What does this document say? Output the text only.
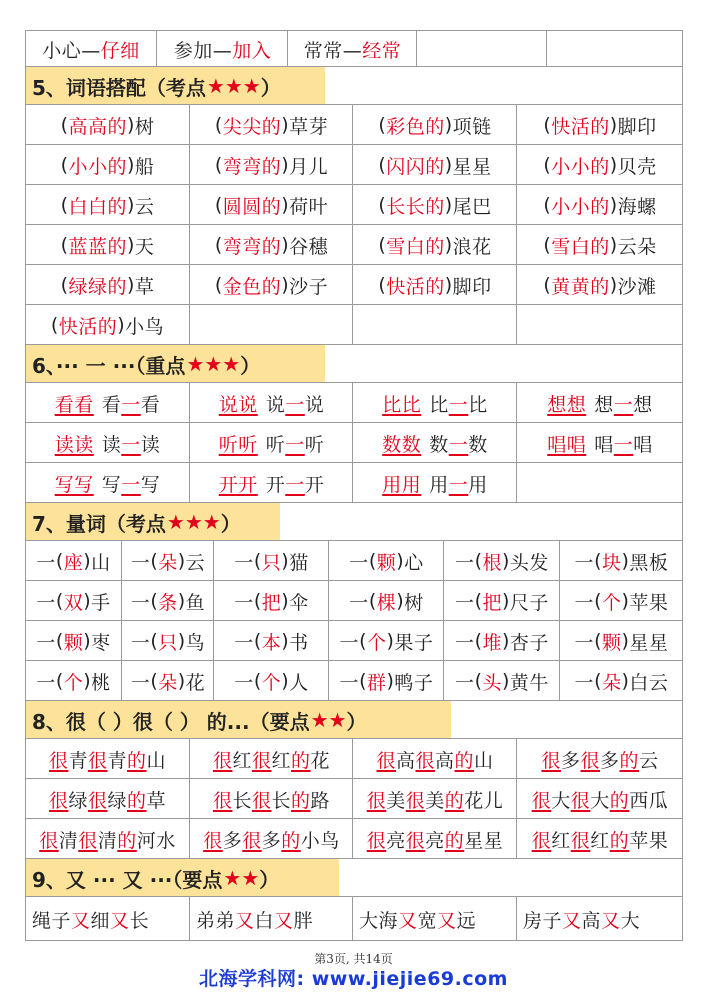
小心— 仔细 参加— 加入 常常— 经常
5、词语搭配（考点 ★★★ ）
( 高高的 ) 树	( 尖尖的 ) 草芽	( 彩色的 ) 项链	( 快活的 ) 脚印
( 小小的 ) 船	( 弯弯的 ) 月儿	( 闪闪的 ) 星星	( 小小的 ) 贝壳
( 白白的 ) 云	( 圆圆的 ) 荷叶	( 长长的 ) 尾巴	( 小小的 ) 海螺
( 蓝蓝的 ) 天	( 弯弯的 ) 谷穗	( 雪白的 ) 浪花	( 雪白的 ) 云朵
( 绿绿的 ) 草	( 金色的 ) 沙子	( 快活的 ) 脚印	( 黄黄的 ) 沙滩
( 快活的 ) 小鸟
6、··· 一 ···（重点 ★★★ ）
看看 看 一 看	说说 说 一 说	比比 比 一 比	想想 想 一 想
读读 读 一 读	听听 听 一 听	数数 数 一 数	唱唱 唱 一 唱
写写 写 一 写	开开 开 一 开	用用 用 一 用
7、量词（考点 ★★★ ）
一 ( 座 ) 山 一 ( 朵 ) 云 一 ( 只 ) 猫 一 ( 颗 ) 心 一 ( 根 ) 头发 一 ( 块 ) 黑板
一 ( 双 ) 手 一 ( 条 ) 鱼 一 ( 把 ) 伞 一 ( 棵 ) 树 一 ( 把 ) 尺子 一 ( 个 ) 苹果
一 ( 颗 ) 枣 一 ( 只 ) 鸟 一 ( 本 ) 书 一 ( 个 ) 果子 一 ( 堆 ) 杏子 一 ( 颗 ) 星星
一 ( 个 ) 桃 一 ( 朵 ) 花 一 ( 个 ) 人 一 ( 群 ) 鸭子 一 ( 头 ) 黄牛 一 ( 朵 ) 白云
8、很（ ）很（ ） 的...（要点 ★★ ）
很 青 很 青 的 山 很 红 很 红 的 花 很 高 很 高 的 山	很 多 很 多 的 云
很 绿 很 绿 的 草 很 长 很 长 的 路 很 美 很 美 的 花儿 很 大 很 大 的 西瓜
很 清 很 清 的 河水 很 多 很 多 的 小鸟 很 亮 很 亮 的 星星 很 红 很 红 的 苹果
9、又 ··· 又 ···（要点 ★★ ）
绳子 又 细 又 长 弟弟 又 白 又 胖 大海 又 宽 又 远 房子 又 高 又 大
第3页, 共14页
北海学科网: www.jiejie69.com
